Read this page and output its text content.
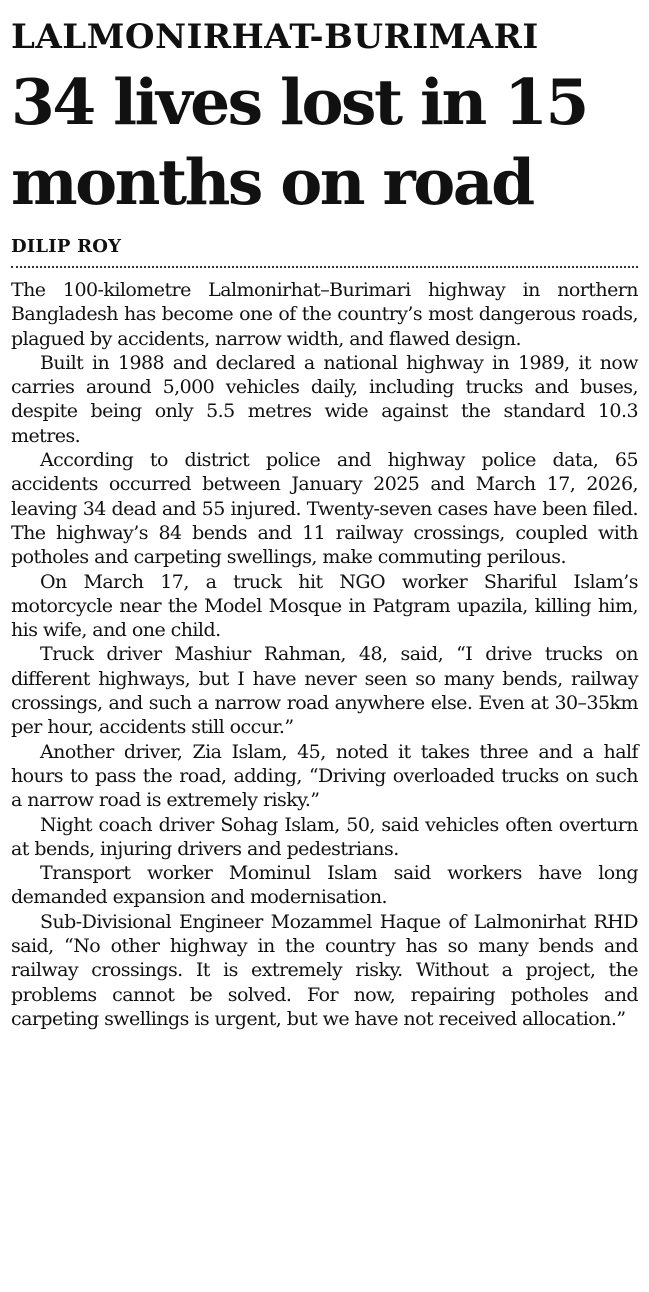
LALMONIRHAT-BURIMARI
34 lives lost in 15 months on road
DILIP ROY

The 100-kilometre Lalmonirhat–Burimari highway in northern Bangladesh has become one of the country’s most dangerous roads, plagued by accidents, narrow width, and flawed design.

Built in 1988 and declared a national highway in 1989, it now carries around 5,000 vehicles daily, including trucks and buses, despite being only 5.5 metres wide against the standard 10.3 metres.

According to district police and highway police data, 65 accidents occurred between January 2025 and March 17, 2026, leaving 34 dead and 55 injured. Twenty-seven cases have been filed. The highway’s 84 bends and 11 railway crossings, coupled with potholes and carpeting swellings, make commuting perilous.

On March 17, a truck hit NGO worker Shariful Islam’s motorcycle near the Model Mosque in Patgram upazila, killing him, his wife, and one child.

Truck driver Mashiur Rahman, 48, said, “I drive trucks on different highways, but I have never seen so many bends, railway crossings, and such a narrow road anywhere else. Even at 30–35km per hour, accidents still occur.”

Another driver, Zia Islam, 45, noted it takes three and a half hours to pass the road, adding, “Driving overloaded trucks on such a narrow road is extremely risky.”

Night coach driver Sohag Islam, 50, said vehicles often overturn at bends, injuring drivers and pedestrians.

Transport worker Mominul Islam said workers have long demanded expansion and modernisation.

Sub-Divisional Engineer Mozammel Haque of Lalmonirhat RHD said, “No other highway in the country has so many bends and railway crossings. It is extremely risky. Without a project, the problems cannot be solved. For now, repairing potholes and carpeting swellings is urgent, but we have not received allocation.”
